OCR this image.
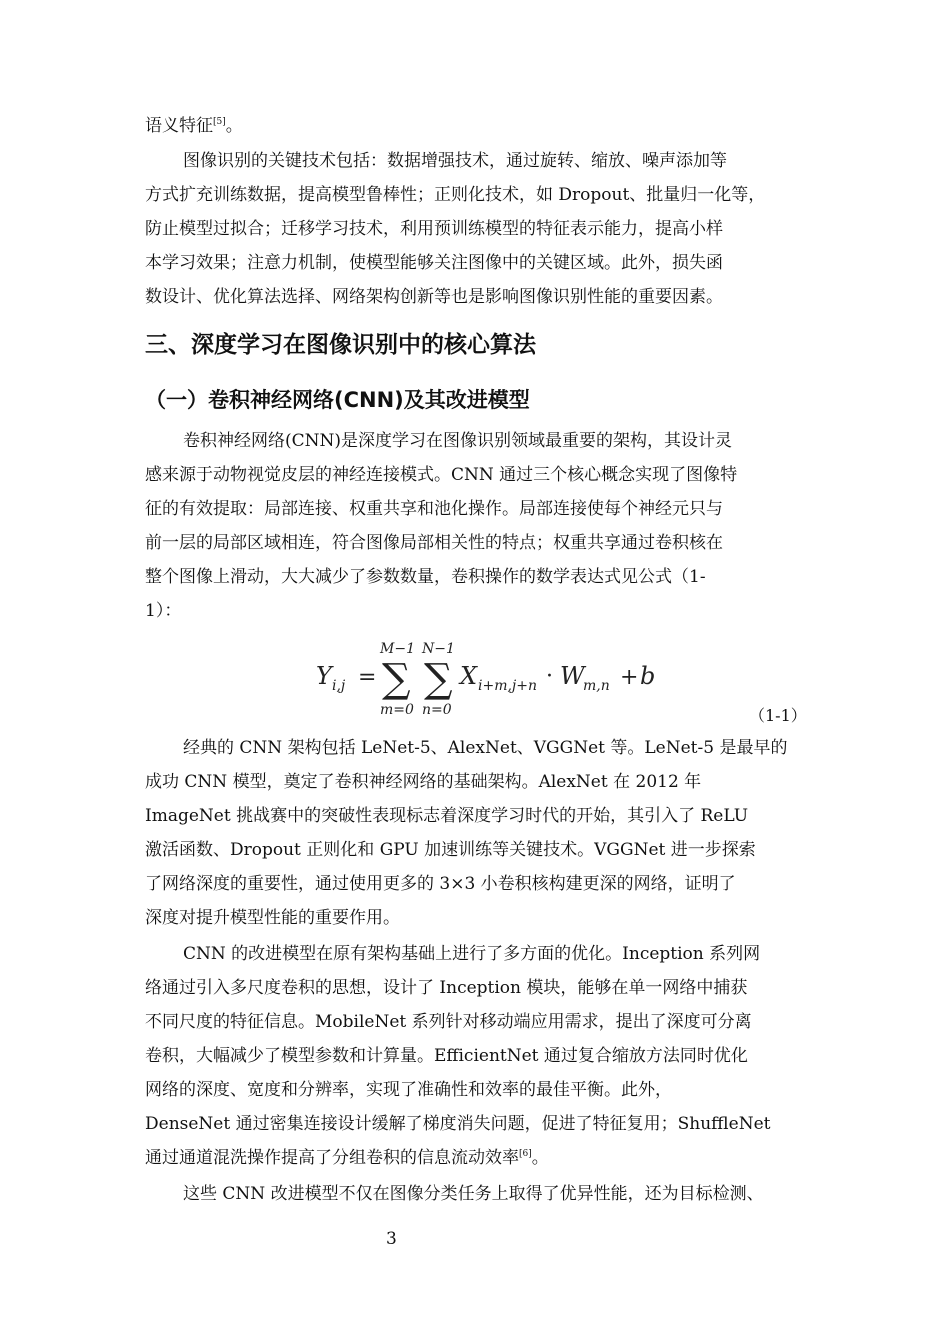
语义特征[5]。
图像识别的关键技术包括：数据增强技术，通过旋转、缩放、噪声添加等
方式扩充训练数据，提高模型鲁棒性；正则化技术，如 Dropout、批量归一化等，
防止模型过拟合；迁移学习技术，利用预训练模型的特征表示能力，提高小样
本学习效果；注意力机制，使模型能够关注图像中的关键区域。此外，损失函
数设计、优化算法选择、网络架构创新等也是影响图像识别性能的重要因素。
三、深度学习在图像识别中的核心算法
（一）卷积神经网络(CNN)及其改进模型
卷积神经网络(CNN)是深度学习在图像识别领域最重要的架构，其设计灵
感来源于动物视觉皮层的神经连接模式。CNN 通过三个核心概念实现了图像特
征的有效提取：局部连接、权重共享和池化操作。局部连接使每个神经元只与
前一层的局部区域相连，符合图像局部相关性的特点；权重共享通过卷积核在
整个图像上滑动，大大减少了参数数量，卷积操作的数学表达式见公式（1-
1）：
Y i,j =
M−1
∑
m=0
N−1
∑
n=0
X i+m,j+n · W
m,n + b
（1-1）
经典的 CNN 架构包括 LeNet-5、AlexNet、VGGNet 等。LeNet-5 是最早的
成功 CNN 模型，奠定了卷积神经网络的基础架构。AlexNet 在 2012 年
ImageNet 挑战赛中的突破性表现标志着深度学习时代的开始，其引入了 ReLU
激活函数、Dropout 正则化和 GPU 加速训练等关键技术。VGGNet 进一步探索
了网络深度的重要性，通过使用更多的 3×3 小卷积核构建更深的网络，证明了
深度对提升模型性能的重要作用。
CNN 的改进模型在原有架构基础上进行了多方面的优化。Inception 系列网
络通过引入多尺度卷积的思想，设计了 Inception 模块，能够在单一网络中捕获
不同尺度的特征信息。MobileNet 系列针对移动端应用需求，提出了深度可分离
卷积，大幅减少了模型参数和计算量。EfficientNet 通过复合缩放方法同时优化
网络的深度、宽度和分辨率，实现了准确性和效率的最佳平衡。此外，
DenseNet 通过密集连接设计缓解了梯度消失问题，促进了特征复用；ShuffleNet
通过通道混洗操作提高了分组卷积的信息流动效率[6]。
这些 CNN 改进模型不仅在图像分类任务上取得了优异性能，还为目标检测、
3
